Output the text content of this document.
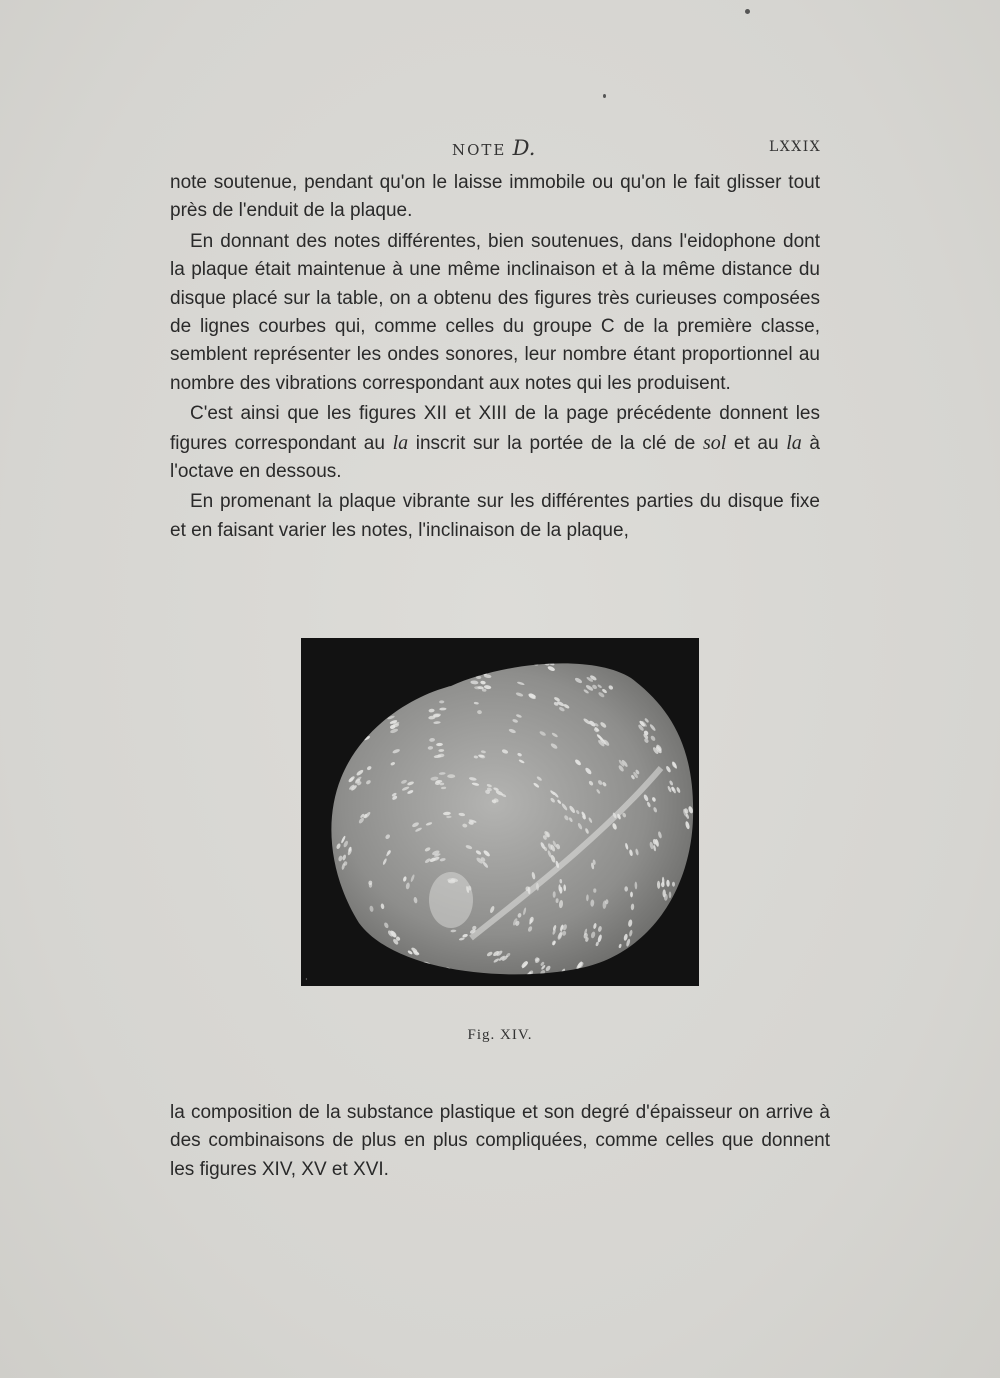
NOTE D.	LXXIX

note soutenue, pendant qu'on le laisse immobile ou qu'on le fait glisser tout près de l'enduit de la plaque.

En donnant des notes différentes, bien soutenues, dans l'eidophone dont la plaque était maintenue à une même inclinaison et à la même distance du disque placé sur la table, on a obtenu des figures très curieuses composées de lignes courbes qui, comme celles du groupe C de la première classe, semblent représenter les ondes sonores, leur nombre étant proportionnel au nombre des vibrations correspondant aux notes qui les produisent.

C'est ainsi que les figures XII et XIII de la page précédente donnent les figures correspondant au la inscrit sur la portée de la clé de sol et au la à l'octave en dessous.

En promenant la plaque vibrante sur les différentes parties du disque fixe et en faisant varier les notes, l'inclinaison de la plaque,

·
Fig. XIV.

la composition de la substance plastique et son degré d'épaisseur on arrive à des combinaisons de plus en plus compliquées, comme celles que donnent les figures XIV, XV et XVI.
